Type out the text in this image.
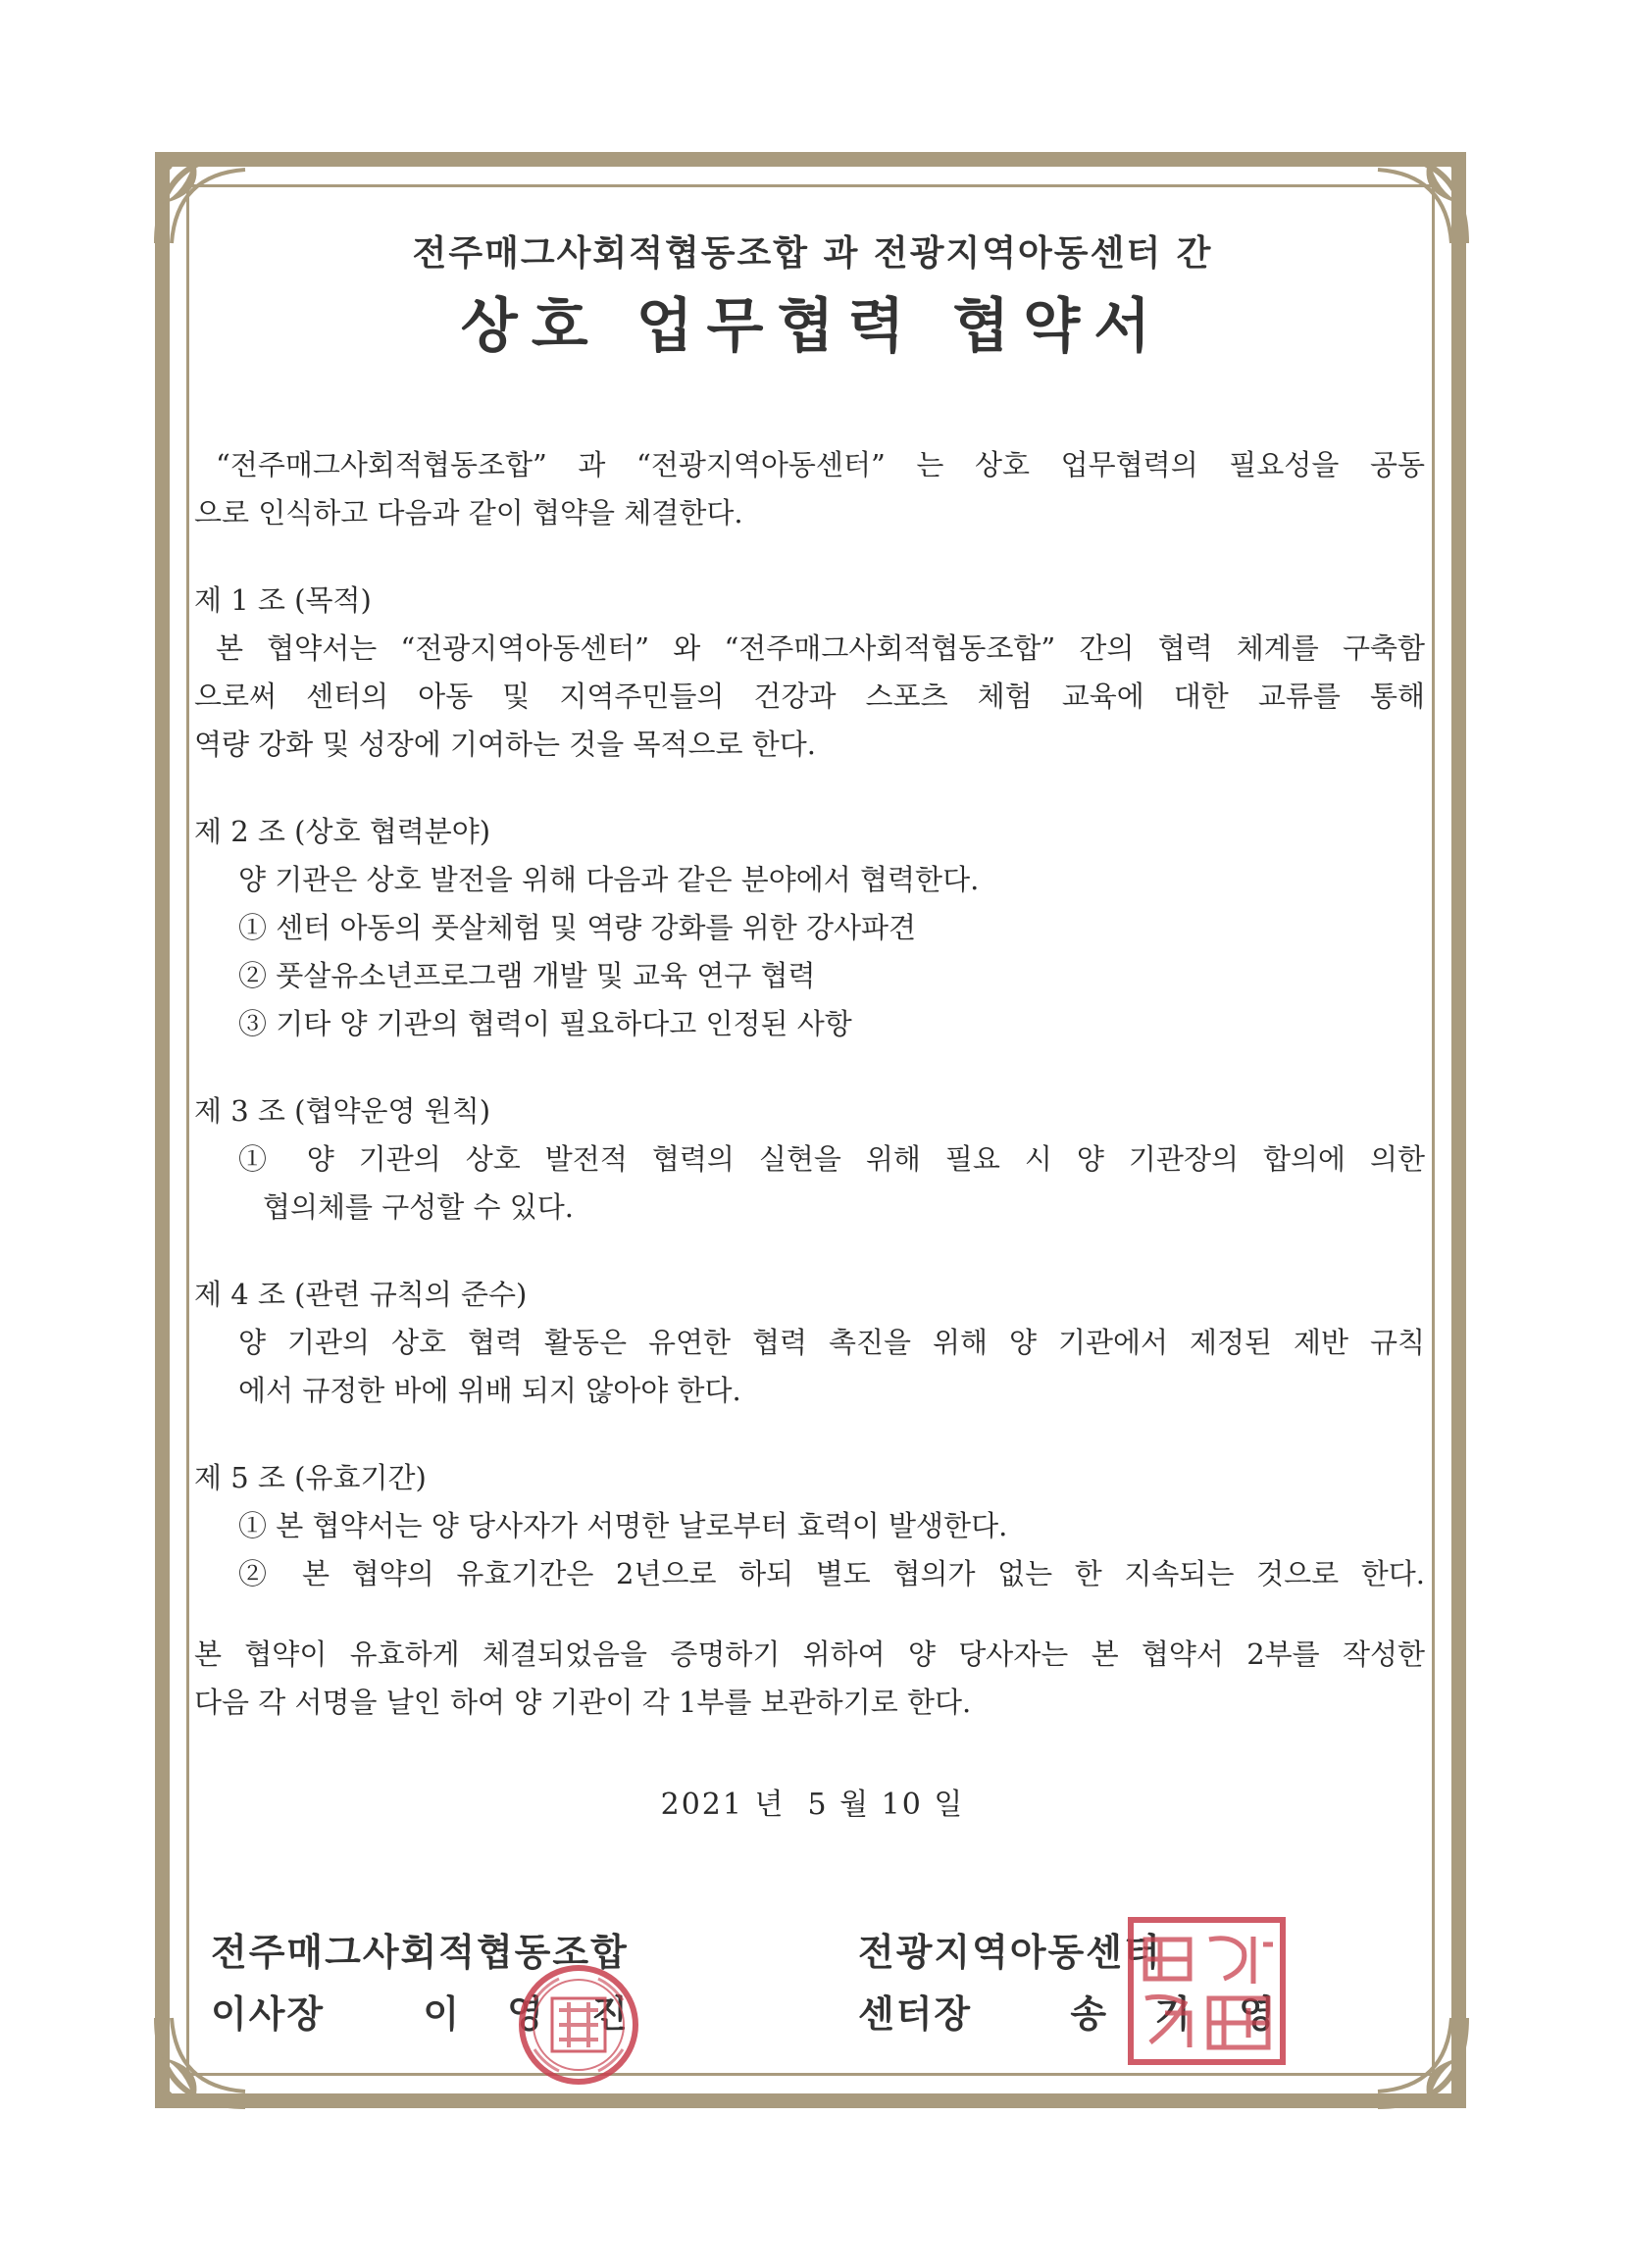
전주매그사회적협동조합 과 전광지역아동센터 간
상호 업무협력 협약서

“전주매그사회적협동조합” 과 “전광지역아동센터” 는 상호 업무협력의 필요성을 공동

으로 인식하고 다음과 같이 협약을 체결한다.

제 1 조 (목적)

본 협약서는 “전광지역아동센터” 와 “전주매그사회적협동조합” 간의 협력 체계를 구축함

으로써 센터의 아동 및 지역주민들의 건강과 스포츠 체험 교육에 대한 교류를 통해

역량 강화 및 성장에 기여하는 것을 목적으로 한다.

제 2 조 (상호 협력분야)

양 기관은 상호 발전을 위해 다음과 같은 분야에서 협력한다.

① 센터 아동의 풋살체험 및 역량 강화를 위한 강사파견

② 풋살유소년프로그램 개발 및 교육 연구 협력

③ 기타 양 기관의 협력이 필요하다고 인정된 사항

제 3 조 (협약운영 원칙)

① 양 기관의 상호 발전적 협력의 실현을 위해 필요 시 양 기관장의 합의에 의한

협의체를 구성할 수 있다.

제 4 조 (관련 규칙의 준수)

양 기관의 상호 협력 활동은 유연한 협력 촉진을 위해 양 기관에서 제정된 제반 규칙

에서 규정한 바에 위배 되지 않아야 한다.

제 5 조 (유효기간)

① 본 협약서는 양 당사자가 서명한 날로부터 효력이 발생한다.

② 본 협약의 유효기간은 2년으로 하되 별도 협의가 없는 한 지속되는 것으로 한다.

본 협약이 유효하게 체결되었음을 증명하기 위하여 양 당사자는 본 협약서 2부를 작성한

다음 각 서명을 날인 하여 양 기관이 각 1부를 보관하기로 한다.

2021 년  5 월 10 일
전주매그사회적협동조합
이사장	이 영 진
전광지역아동센터
센터장	송 기 영
